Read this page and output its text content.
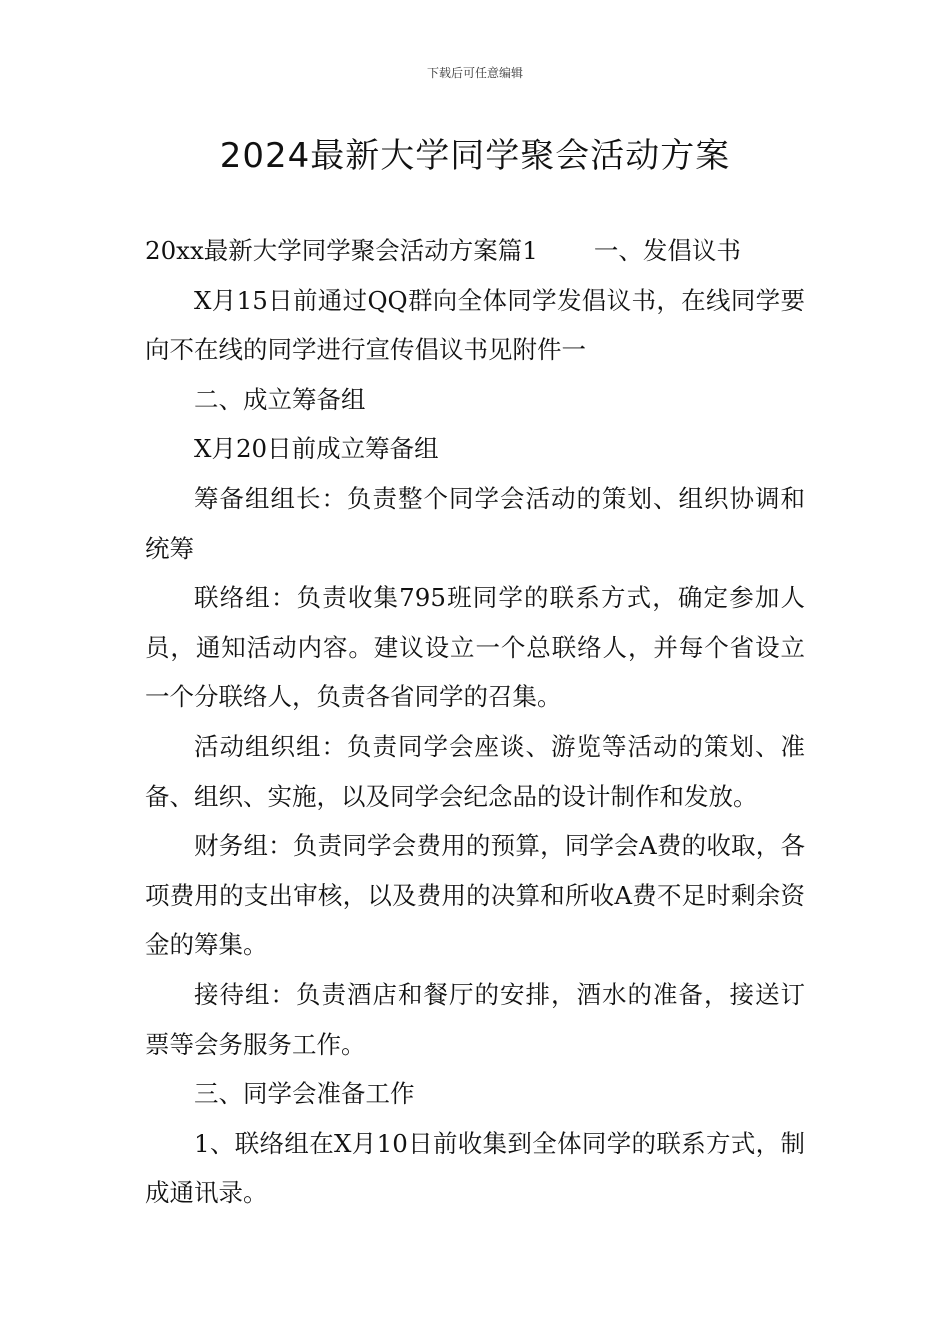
下载后可任意编辑
2024最新大学同学聚会活动方案

20xx最新大学同学聚会活动方案篇1 一、发倡议书

X月15日前通过QQ群向全体同学发倡议书，在线同学要向不在线的同学进行宣传倡议书见附件一

二、成立筹备组

X月20日前成立筹备组

筹备组组长：负责整个同学会活动的策划、组织协调和统筹

联络组：负责收集795班同学的联系方式，确定参加人员，通知活动内容。建议设立一个总联络人，并每个省设立一个分联络人，负责各省同学的召集。

活动组织组：负责同学会座谈、游览等活动的策划、准备、组织、实施，以及同学会纪念品的设计制作和发放。

财务组：负责同学会费用的预算，同学会A费的收取，各项费用的支出审核，以及费用的决算和所收A费不足时剩余资金的筹集。

接待组：负责酒店和餐厅的安排，酒水的准备，接送订票等会务服务工作。

三、同学会准备工作

1、联络组在X月10日前收集到全体同学的联系方式，制成通讯录。
